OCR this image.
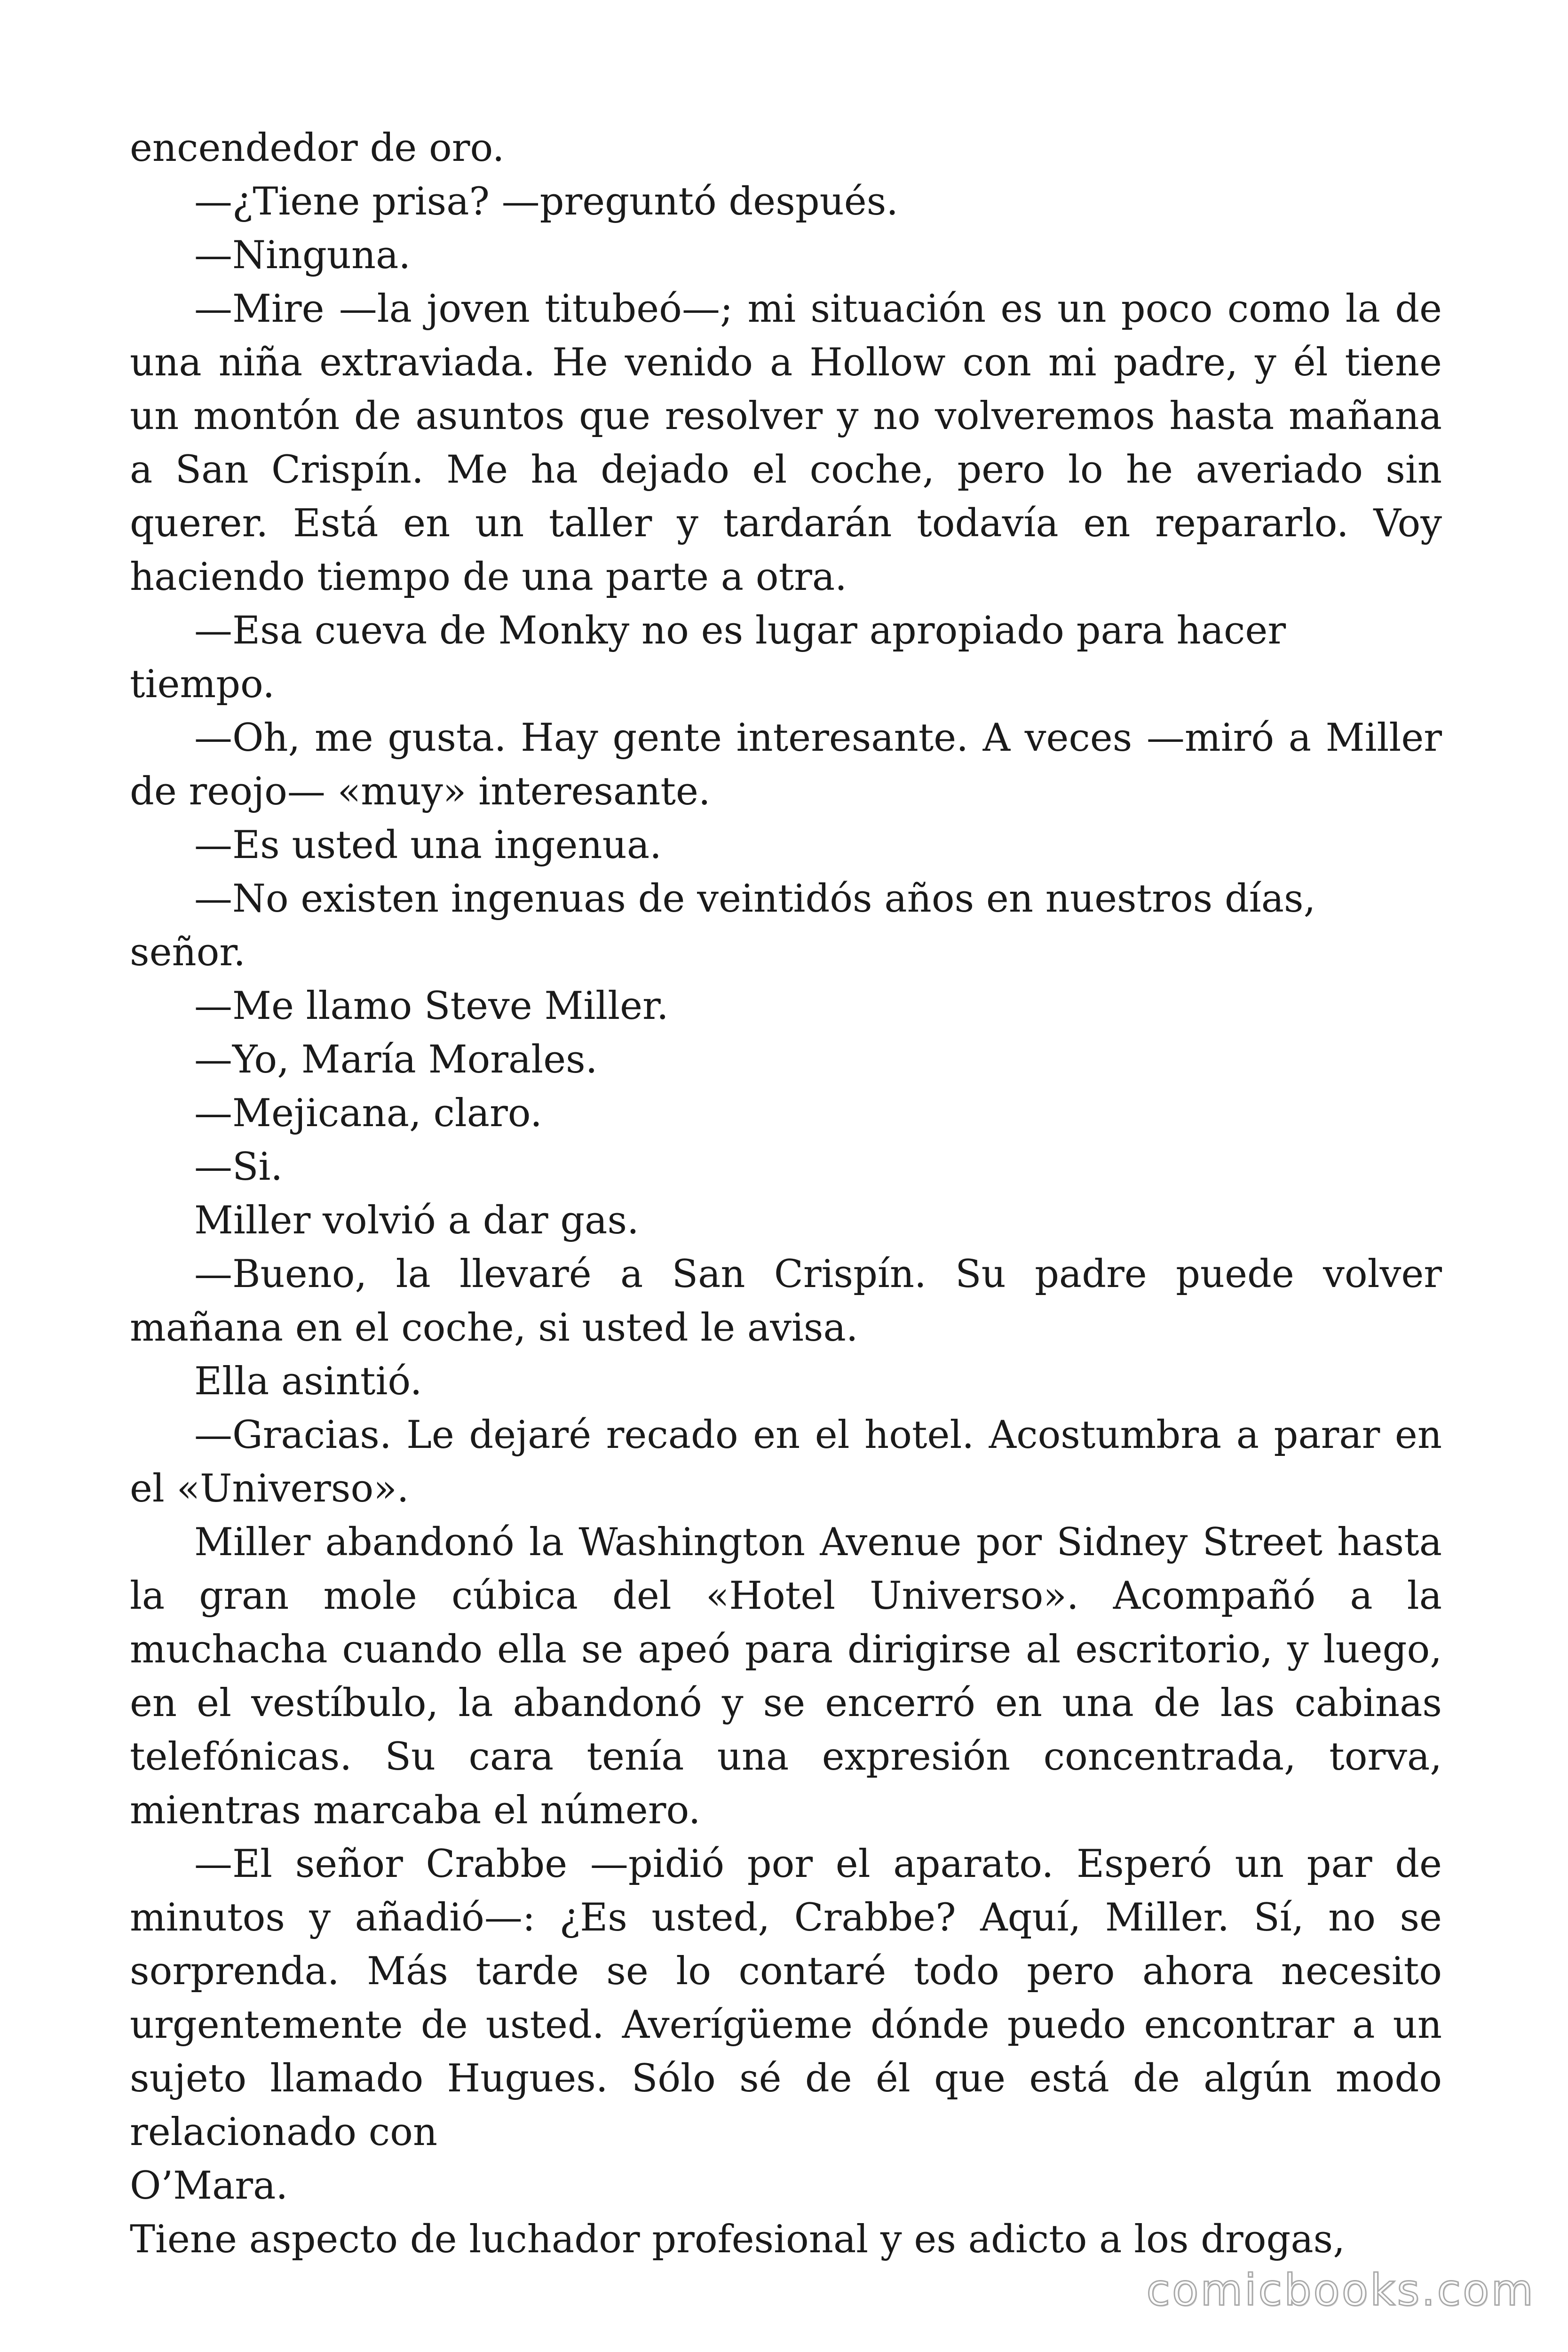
encendedor de oro.

—¿Tiene prisa? —preguntó después.

—Ninguna.

—Mire —la joven titubeó—; mi situación es un poco como la de una niña extraviada. He venido a Hollow con mi padre, y él tiene un montón de asuntos que resolver y no volveremos hasta mañana a San Crispín. Me ha dejado el coche, pero lo he averiado sin querer. Está en un taller y tardarán todavía en repararlo. Voy haciendo tiempo de una parte a otra.

—Esa cueva de Monky no es lugar apropiado para hacer tiempo.

—Oh, me gusta. Hay gente interesante. A veces —miró a Miller de reojo— «muy» interesante.

—Es usted una ingenua.

—No existen ingenuas de veintidós años en nuestros días, señor.

—Me llamo Steve Miller.

—Yo, María Morales.

—Mejicana, claro.

—Si.

Miller volvió a dar gas.

—Bueno, la llevaré a San Crispín. Su padre puede volver mañana en el coche, si usted le avisa.

Ella asintió.

—Gracias. Le dejaré recado en el hotel. Acostumbra a parar en el «Universo».

Miller abandonó la Washington Avenue por Sidney Street hasta la gran mole cúbica del «Hotel Universo». Acompañó a la muchacha cuando ella se apeó para dirigirse al escritorio, y luego, en el vestíbulo, la abandonó y se encerró en una de las cabinas telefónicas. Su cara tenía una expresión concentrada, torva, mientras marcaba el número.

—El señor Crabbe —pidió por el aparato. Esperó un par de minutos y añadió—: ¿Es usted, Crabbe? Aquí, Miller. Sí, no se sorprenda. Más tarde se lo contaré todo pero ahora necesito urgentemente de usted. Averígüeme dónde puedo encontrar a un sujeto llamado Hugues. Sólo sé de él que está de algún modo relacionado con

O’Mara.

Tiene aspecto de luchador profesional y es adicto a los drogas,

comicbooks.com
